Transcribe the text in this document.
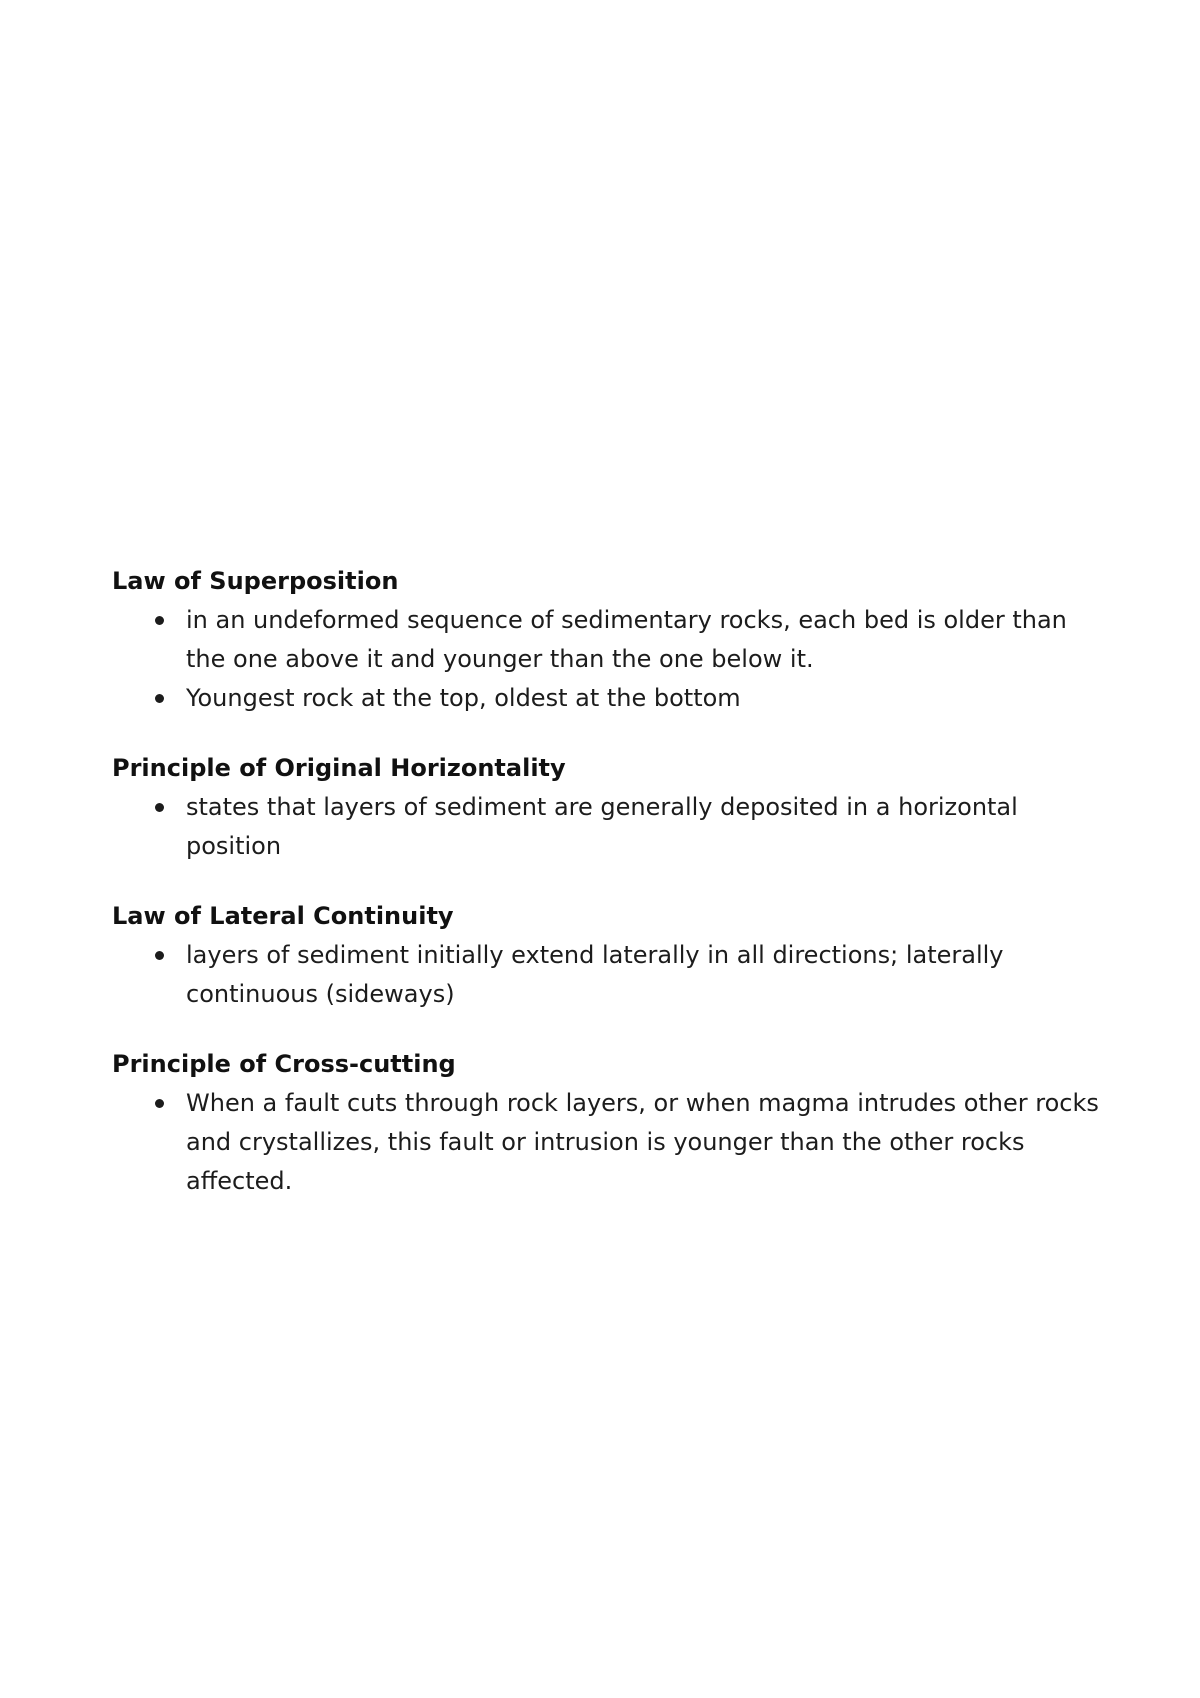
Law of Superposition
in an undeformed sequence of sedimentary rocks, each bed is older than the one above it and younger than the one below it.
Youngest rock at the top, oldest at the bottom
Principle of Original Horizontality
states that layers of sediment are generally deposited in a horizontal position
Law of Lateral Continuity
layers of sediment initially extend laterally in all directions; laterally continuous (sideways)
Principle of Cross-cutting
When a fault cuts through rock layers, or when magma intrudes other rocks and crystallizes, this fault or intrusion is younger than the other rocks affected.
